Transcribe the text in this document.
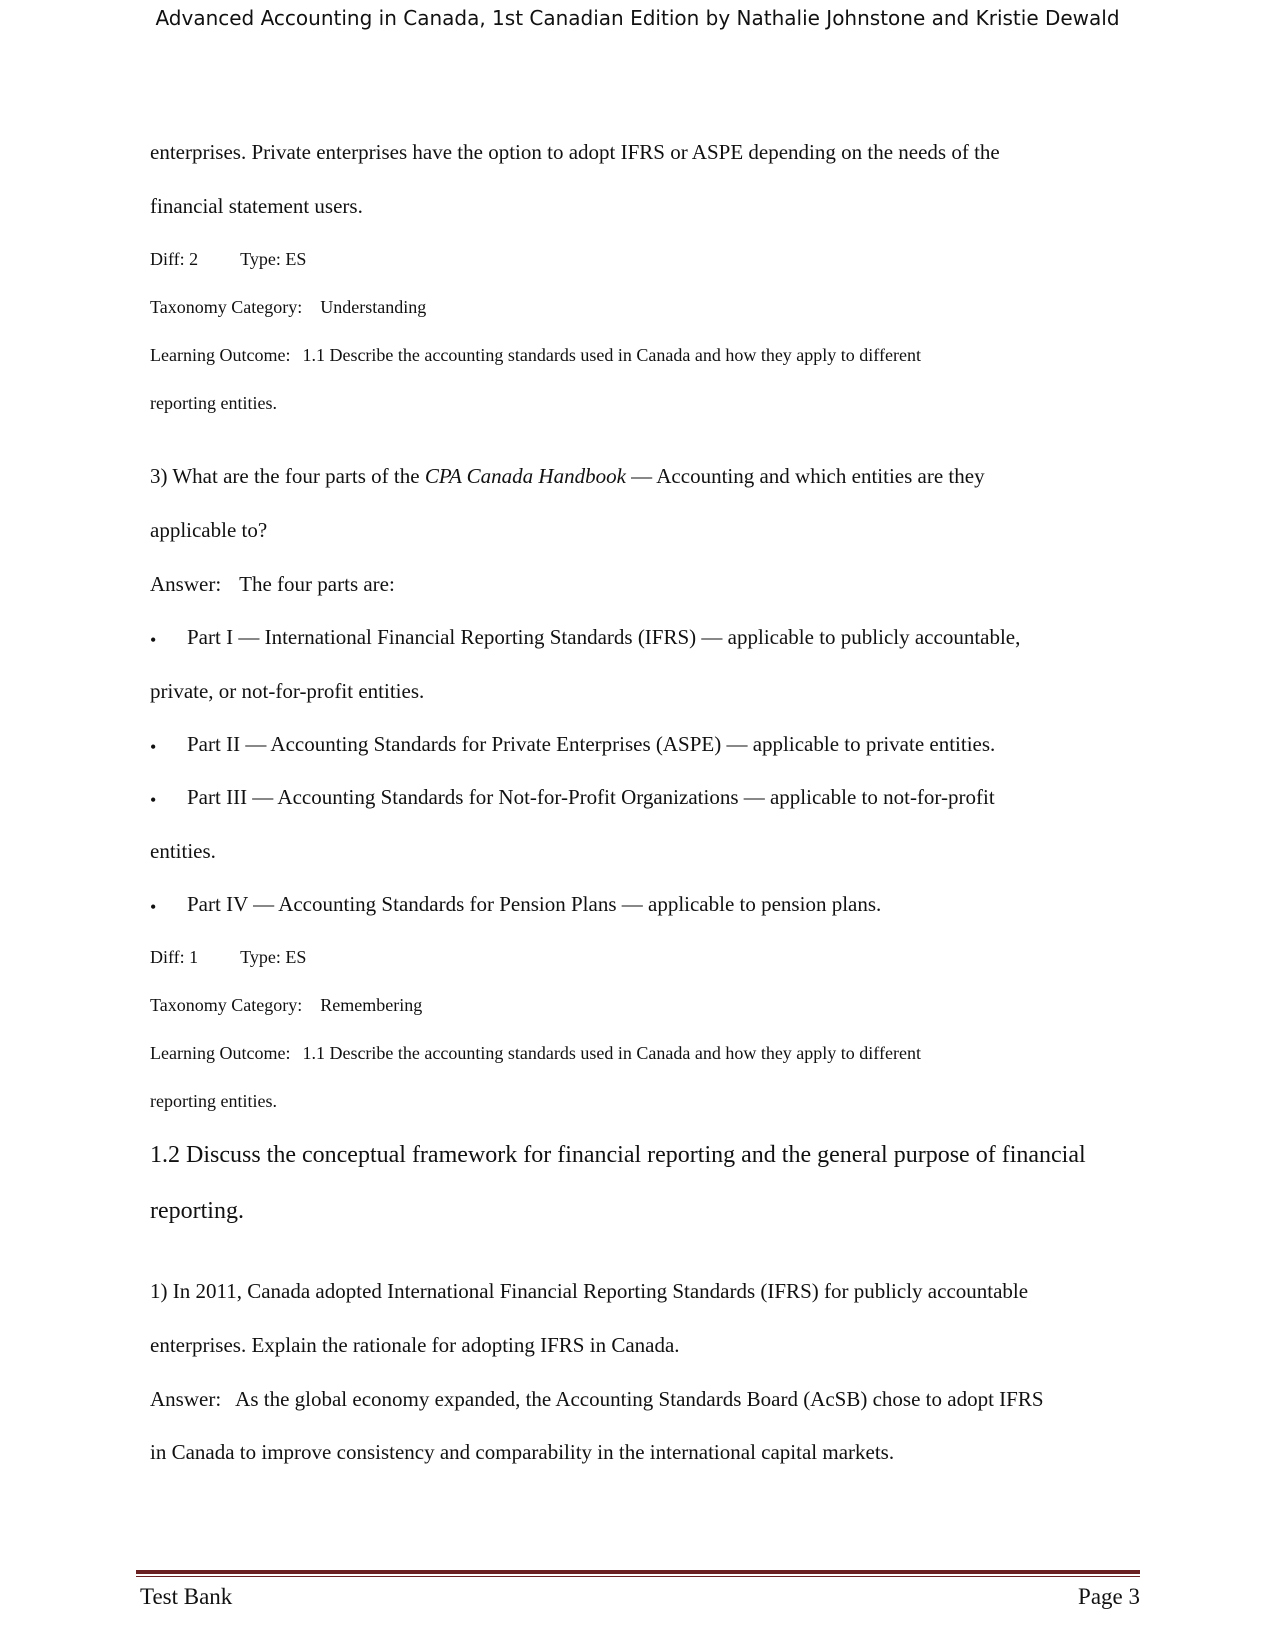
Advanced Accounting in Canada, 1st Canadian Edition by Nathalie Johnstone and Kristie Dewald
enterprises. Private enterprises have the option to adopt IFRS or ASPE depending on the needs of the
financial statement users.
Diff: 2 Type: ES
Taxonomy Category: Understanding
Learning Outcome: 1.1 Describe the accounting standards used in Canada and how they apply to different
reporting entities.
3) What are the four parts of the CPA Canada Handbook — Accounting and which entities are they
applicable to?
Answer: The four parts are:
• Part I — International Financial Reporting Standards (IFRS) — applicable to publicly accountable,
private, or not-for-profit entities.
• Part II — Accounting Standards for Private Enterprises (ASPE) — applicable to private entities.
• Part III — Accounting Standards for Not-for-Profit Organizations — applicable to not-for-profit
entities.
• Part IV — Accounting Standards for Pension Plans — applicable to pension plans.
Diff: 1 Type: ES
Taxonomy Category: Remembering
Learning Outcome: 1.1 Describe the accounting standards used in Canada and how they apply to different
reporting entities.
1.2 Discuss the conceptual framework for financial reporting and the general purpose of financial
reporting.
1) In 2011, Canada adopted International Financial Reporting Standards (IFRS) for publicly accountable
enterprises. Explain the rationale for adopting IFRS in Canada.
Answer: As the global economy expanded, the Accounting Standards Board (AcSB) chose to adopt IFRS
in Canada to improve consistency and comparability in the international capital markets.
Test Bank	Page 3
